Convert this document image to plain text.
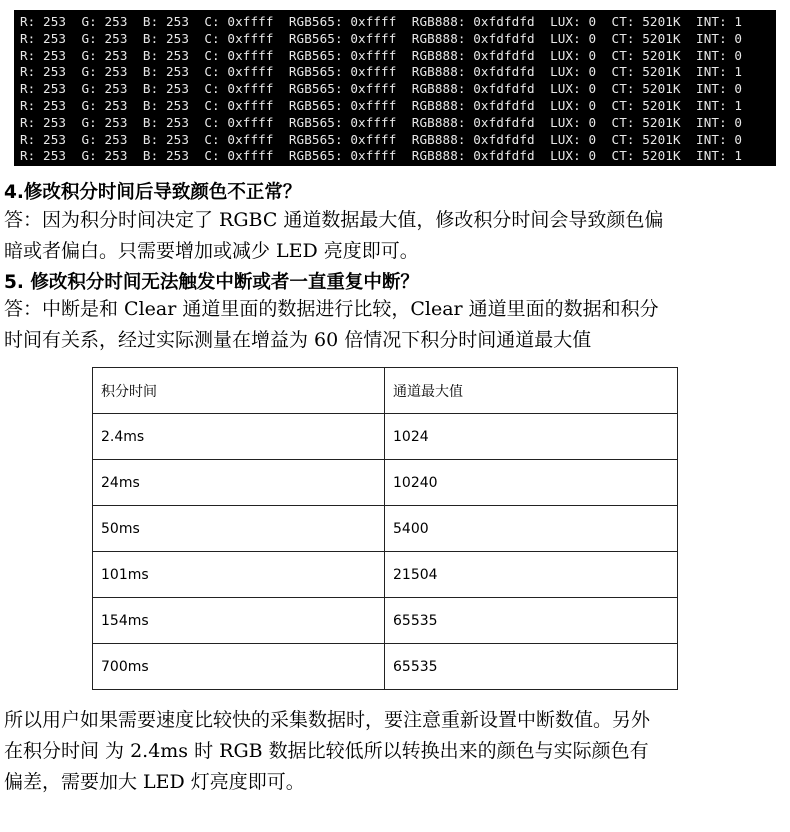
R: 253  G: 253  B: 253  C: 0xffff  RGB565: 0xffff  RGB888: 0xfdfdfd  LUX: 0  CT: 5201K  INT: 1
R: 253  G: 253  B: 253  C: 0xffff  RGB565: 0xffff  RGB888: 0xfdfdfd  LUX: 0  CT: 5201K  INT: 0
R: 253  G: 253  B: 253  C: 0xffff  RGB565: 0xffff  RGB888: 0xfdfdfd  LUX: 0  CT: 5201K  INT: 0
R: 253  G: 253  B: 253  C: 0xffff  RGB565: 0xffff  RGB888: 0xfdfdfd  LUX: 0  CT: 5201K  INT: 1
R: 253  G: 253  B: 253  C: 0xffff  RGB565: 0xffff  RGB888: 0xfdfdfd  LUX: 0  CT: 5201K  INT: 0
R: 253  G: 253  B: 253  C: 0xffff  RGB565: 0xffff  RGB888: 0xfdfdfd  LUX: 0  CT: 5201K  INT: 1
R: 253  G: 253  B: 253  C: 0xffff  RGB565: 0xffff  RGB888: 0xfdfdfd  LUX: 0  CT: 5201K  INT: 0
R: 253  G: 253  B: 253  C: 0xffff  RGB565: 0xffff  RGB888: 0xfdfdfd  LUX: 0  CT: 5201K  INT: 0
R: 253  G: 253  B: 253  C: 0xffff  RGB565: 0xffff  RGB888: 0xfdfdfd  LUX: 0  CT: 5201K  INT: 1
4.修改积分时间后导致颜色不正常？
答：因为积分时间决定了 RGBC 通道数据最大值，修改积分时间会导致颜色偏
暗或者偏白。只需要增加或减少 LED 亮度即可。
5. 修改积分时间无法触发中断或者一直重复中断？
答：中断是和 Clear 通道里面的数据进行比较，Clear 通道里面的数据和积分
时间有关系，经过实际测量在增益为 60 倍情况下积分时间通道最大值
积分时间	通道最大值
2.4ms	1024
24ms	10240
50ms	5400
101ms	21504
154ms	65535
700ms	65535
所以用户如果需要速度比较快的采集数据时，要注意重新设置中断数值。另外
在积分时间 为 2.4ms 时 RGB 数据比较低所以转换出来的颜色与实际颜色有
偏差，需要加大 LED 灯亮度即可。
